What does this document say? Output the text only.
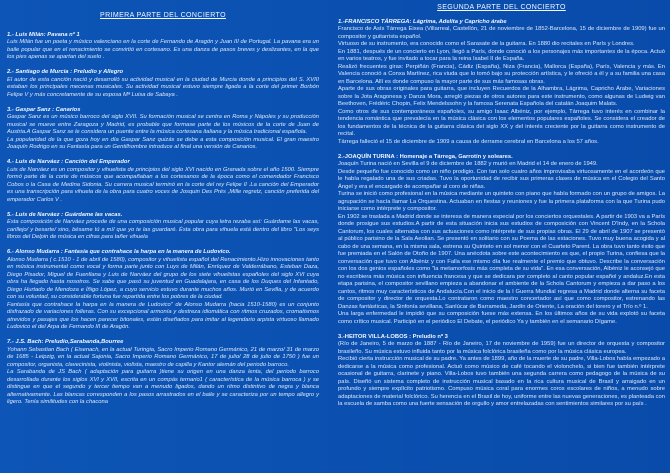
PRIMERA PARTE DEL CONCIERTO
1.- Luis Milán: Pavana nº 1
Luis Milán fue un poeta y músico valenciano en la corte de Fernando de Aragón y Juan III de Portugal. La pavana era un baile popular que en el renacimiento se convirtió en cortesano. Es una danza de pasos breves y deslizantes, en la que los pies apenas se apartan del suelo .
2.- Santiago de Murcia : Preludio y Allegro
El autor de esta canción nació y desarrolló su actividad musical en la ciudad de Murcia donde a principios del S. XVIII estaban los principales mecenas musicales. Su actividad musical estuvo siempre ligada a la corte del primer Borbón Felipe V y más concretamente de su esposa Mª Luisa de Sabaya .
3.- Gaspar Sanz : Canarios
Gaspar Sanz es un músico barroco del siglo XVII. Su formación musical se centra en Roma y Nápoles y su producción musical se mueve entre Zaragoza y Madrid, es probable que formase parte de los músicos de la corte de Juan de Austria.A Gaspar Sanz se le considera un puente entre la música cortesana italiana y la música tradicional española.
La popularidad de la que goza hoy en día Gaspar Sanz quizás se debe a esta composición musical. El gran maestro Joaquín Rodrigo en su Fantasía para un Gentilhombre introduce al final una versión de Canarios.
4.- Luis de Narváez : Canción del Emperador
Luis de Narváez es un compositor y vihuelista de principios del siglo XVI nacido en Granada sobre el año 1500. Siempre formó parte de la corte de músicos que acompañaban a los cortesanos de la época como el comendador Francisco Cobos o la Casa de Medina Sidonia. Su carrera musical terminó en la corte del rey Felipe II .La canción del Emperador es una transcripción para vihuela de la obra para cuatro voces de Josquin Des Prés ,Mille regretz, canción preferida del emperador Carlos V .
5.- Luis de Narváez : Guárdame las vacas.
Esta composición de Narváez procede de una composición musical popular cuya letra rezaba así: Guárdame las vacas, carillejo/ y besarte/ sino, bésame tú a mí/ que yo te las guardaré. Ésta obra para vihuela está dentro del libro "Los seys libros del Delpin de música en cifras para tañer vihuela
6.- Alonso Mudarra : Fantasía que contrahace la harpa en la manera de Ludovico.
Alonso Mudarra ( c.1510 - 1 de abril de 1580), compositor y vihuelista español del Renacimiento.Hizo innovaciones tanto en música instrumental como vocal y forma parte junto con Luys de Milán, Enríquez de Valderrábano, Esteban Daza, Diego Pisador, Miguel de Fuenllana y Luis de Narváez del grupo de los siete vihuelistas españoles del siglo XVI cuya obra ha llegado hasta nosotros. Se sabe que pasó su juventud en Guadalajara, en casa de los Duques del Infantado, Diego Hurtado de Mendoza e Íñigo López, a cuyo servicio estuvo durante muchos años. Murió en Sevilla, y de acuerdo con su voluntad, su considerable fortuna fue repartida entre los pobres de la ciudad.
Fantasía que contrahace la harpa en la manera de Ludovico" de Alonso Mudarra (hacia 1510-1580) es un conjunto disfrazado de variaciones folleras. Con su excepcional armonía y destreza idiomática con ritmos cruzados, cromatismos atrevidos y pasajes que los hacen parecer bitonales, están diseñados para imitar al legendario arpista virtuoso llamado Ludovico el del Arpa de Fernando III de Aragón.
7.- J.S. Bach: Preludio,Sarabanda,Bourree
Yohann Sebastian Bach ( Eisenach, en la actual Turingia, Sacro Imperio Romano Germánico, 21 de marzo/ 31 de marzo de 1685 - Leipzig, en la actual Sajonia, Sacro Imperio Romano Germánico, 17 de julio/ 28 de julio de 1750 ) fue un compositor, organista, clavecinista, violinista, violista, maestro de capilla y Kantor alemán del periodo barroco.
La Sarabanda de JS Bach ( adaptación para guitarra )tiene su origen en una danza lenta, del periodo barroco desarrollada durante los siglos XVI y XVII, escrita en un compás ternario1 ( característica de la música barroca ) y se distingue en que el segundo y tercer tiempo van a menudo ligados, dando un ritmo distintivo de negra y blanca alternativamente. Las blancas corresponden a los pasos arrastrados en el baile y se caracteriza por un tempo allegro y ligero. Tenía similitudes con la chacona
SEGUNDA PARTE DEL CONCIERTO
1.-FRANCISCO TÁRREGA: Lágrima, Adelita y Capricho árabe
Francisco de Asís Tárrega Eixea (Villarreal, Castellón, 21 de noviembre de 1852-Barcelona, 15 de diciembre de 1909) fue un compositor y guitarrista español.
Virtuoso de su instrumento, era conocido como el Sarasate de la guitarra. En 1880 dio recitales en París y Londres.
En 1881, después de un concierto en Lyon, llegó a París, donde conoció a los personajes más importantes de la época. Actuó en varios teatros, y fue invitado a tocar para la reina Isabel II de España.
Realizó frecuentes giras: Perpiñán (Francia), Cádiz (España), Niza (Francia), Mallorca (España), París, Valencia y más. En Valencia conoció a Conxa Martínez, rica viuda que lo tomó bajo su protección artística, y le ofreció a él y a su familia una casa en Barcelona. Allí es donde compuso la mayor parte de sus más famosas obras.
Aparte de sus obras originales para guitarra, que incluyen Recuerdos de la Alhambra, Lágrima, Capricho Árabe, Variaciones sobre la Jota Aragonesa y Danza Mora, arregló piezas de otros autores para este instrumento, como algunas de Ludwig van Beethoven, Frédéric Chopin, Felix Mendelssohn y la famosa Serenata Española del catalán Joaquim Malats.
Como otros de sus contemporáneos españoles, su amigo Isaac Albéniz, por ejemplo, Tárrega tuvo interés en combinar la tendencia romántica que prevalecía en la música clásica con los elementos populares españoles. Se considera el creador de los fundamentos de la técnica de la guitarra clásica del siglo XX y del interés creciente por la guitarra como instrumento de recital.
Tárrega falleció el 15 de diciembre de 1909 a causa de derrame cerebral en Barcelona a los 57 años.
2.-JOAQUÍN TURINA : Homenaje a Tárrega, Garrotín y soleares.
Joaquín Turina nació en Sevilla el 9 de diciembre de 1882 y murió en Madrid el 14 de enero de 1949.
Desde pequeño fue conocido como un niño prodigio. Con tan solo cuatro años improvisaba virtuosamente en el acordeón que le había regalado una de sus criadas. Tuvo la oportunidad de recibir sus primeras clases de música en el Colegio del Santo Ángel y era el encargado de acompañar al coro de niñas.
Turina se inició como profesional en la música mediante un quinteto con piano que había formado con un grupo de amigos. La agrupación se hacía llamar La Orquestina. Actuaban en fiestas y reuniones y fue la primera plataforma con la que Turina pudo iniciarse como intérprete y compositor.
En 1902 se traslada a Madrid donde se interesa de manera especial por los conciertos orquestales. A partir de 1903 va a París donde prosigue sus estudios.A partir de esta situación inicia sus estudios de composición con Vincent D'Indy, en la Schola Cantorum, los cuales alternaba con sus actuaciones como intérprete de sus propias obras. El 29 de abril de 1907 se presentó al público parisino de la Sala Aeolian. Se presentó en solitario con su Poema de las estaciones. Tuvo muy buena acogida y al cabo de una semana, en la misma sala, estrena su Quinteto en sol menor con el Cuarteto Parent. La obra tuvo tanto éxito que fue premiada en el Salón de Otoño de 1907. Una anécdota sobre este acontecimiento es que, el propio Turina, confiesa que la conversación que tuvo con Albéniz y con Falla ese mismo día fue realmente el premio que obtuvo. Describe la conversación con los dos genios españoles como "la metamorfosis más completa de su vida". En esa conversación, Albéniz le aconsejó que no escribiera más música con influencia francesa y que se dedicara por completo al canto popular español y andaluz.En esta etapa parisina, el compositor sevillano empieza a abandonar el ambiente de la Schola Cantorum y empieza a dar paso a los cantos, ritmos muy característicos de Andalucía.Con el inicio de la I Guerra Mundial regresa a Madrid donde alterna su faceta de compositor y director de orquesta.Lo contrataron como maestro concertador así que como compositor, estrenando las Danzas fantásticas, la Sinfonía sevillana, Sanlúcar de Barrameda, Jardín de Oriente, La oración del torero y el Trío n.º 1.
Una larga enfermedad le impidió que su composición fuese más extensa. En los últimos años de su vida explotó su faceta como crítico musical. Participó en el periódico El Debate, el periódico Ya y también en el semanario Dígame.
3.-HEITOR VILLA-LOBOS : Preludio nº 3
(Río de Janeiro, 5 de marzo de 1887 - Río de Janeiro, 17 de noviembre de 1959) fue un director de orquesta y compositor brasileño. Su música estuvo influida tanto por la música folclórica brasileña como por la música clásica europea.
Recibió cierta instrucción musical de su padre. Ya antes de 1899, año de la muerte de su padre, Villa-Lobos había empezado a dedicarse a la música como profesional. Actuó como músico de café tocando el violonchelo, si bien fue también intérprete ocasional de guitarra, clarinete y piano. Villa-Lobos tuvo también una segunda carrera como pedagogo de la música de su país. Diseñó un sistema completo de instrucción musical basado en la rica cultura musical de Brasil y arraigado en un profundo y siempre explícito patriotismo. Compuso música coral para enormes coros escolares de niños, a menudo sobre adaptaciones de material folclórico. Su herencia en el Brasil de hoy, uniforme entre las nuevas generaciones, es planteada con la escuela de samba como una fuerte sensación de orgullo y amor entrelazadas con sentimientos similares por su país .
